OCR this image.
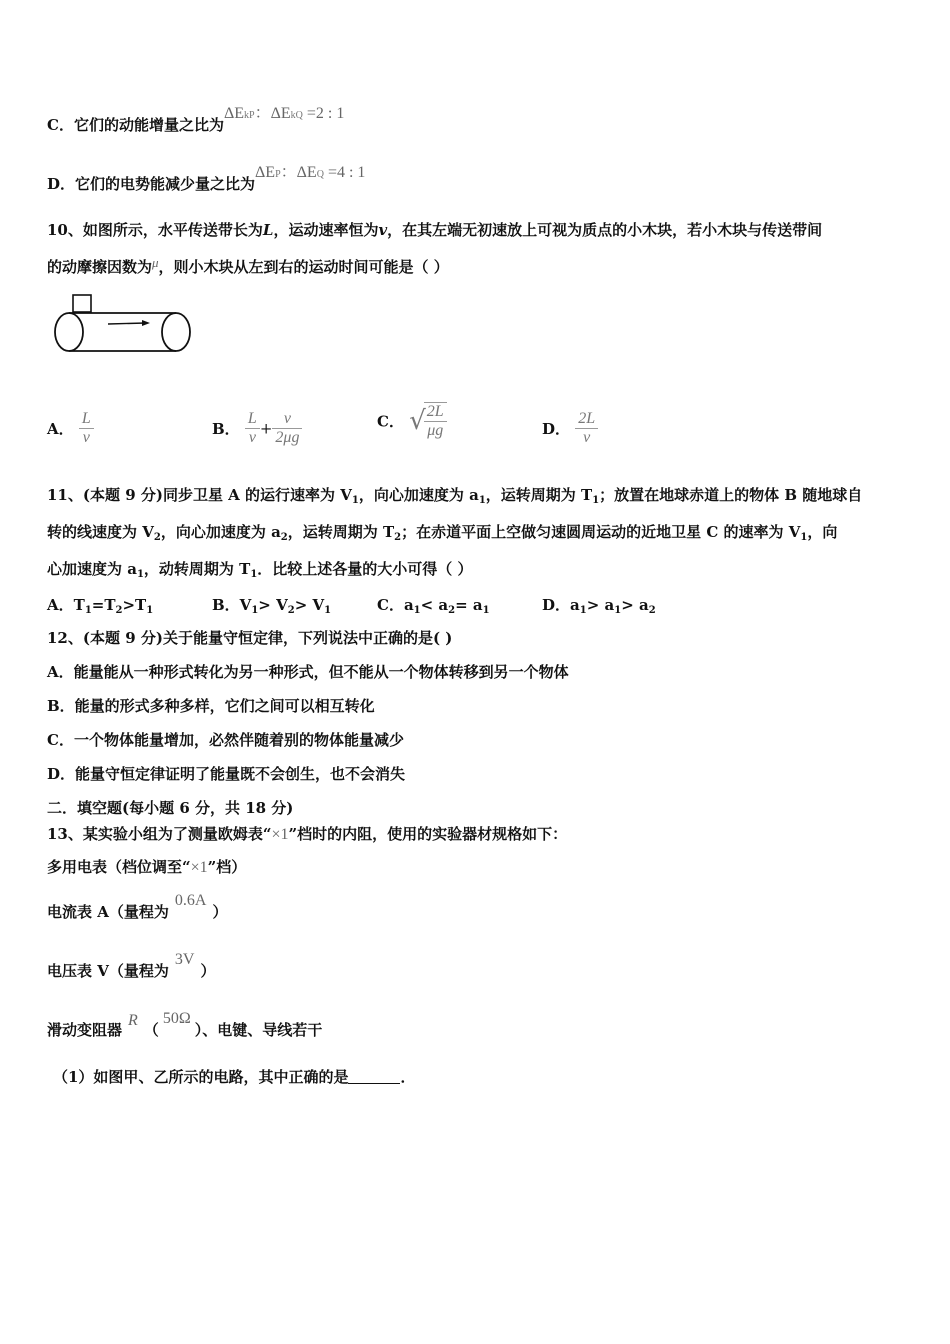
C．它们的动能增量之比为ΔEkP：ΔEkQ =2 : 1
D．它们的电势能减少量之比为ΔEP：ΔEQ =4 : 1
10、如图所示，水平传送带长为L，运动速率恒为v，在其左端无初速放上可视为质点的小木块，若小木块与传送带间
的动摩擦因数为μ，则小木块从左到右的运动时间可能是（ ）
A． $\frac{L}{v}$	B． $\frac{L}{v} + \frac{v}{2\mu g}$	C． √
$\frac{2L}{\mu g}$	D． $\frac{2L}{v}$
11、(本题 9 分)同步卫星 A 的运行速率为 $V_1$，向心加速度为 $a_1$，运转周期为 $T_1$；放置在地球赤道上的物体 B 随地球自
转的线速度为 $V_2$，向心加速度为 $a_2$，运转周期为 $T_2$；在赤道平面上空做匀速圆周运动的近地卫星 C 的速率为 $V_1$，向
心加速度为 $a_1$，动转周期为 $T_1$．比较上述各量的大小可得（ ）
A．$T_1=T_2>T_1$	B．$V_1> V_2> V_1$	C．$a_1< a_2= a_1$	D．$a_1> a_1> a_2$
12、(本题 9 分)关于能量守恒定律，下列说法中正确的是( )
A．能量能从一种形式转化为另一种形式，但不能从一个物体转移到另一个物体
B．能量的形式多种多样，它们之间可以相互转化
C．一个物体能量增加，必然伴随着别的物体能量减少
D．能量守恒定律证明了能量既不会创生，也不会消失
二．填空题(每小题 6 分，共 18 分)
13、某实验小组为了测量欧姆表“×1”档时的内阻，使用的实验器材规格如下：
多用电表（档位调至“×1”档）
电流表 A（量程为0.6A）
电压表 V（量程为3V）
滑动变阻器R（50Ω）、电键、导线若干
（1）如图甲、乙所示的电路，其中正确的是	．
